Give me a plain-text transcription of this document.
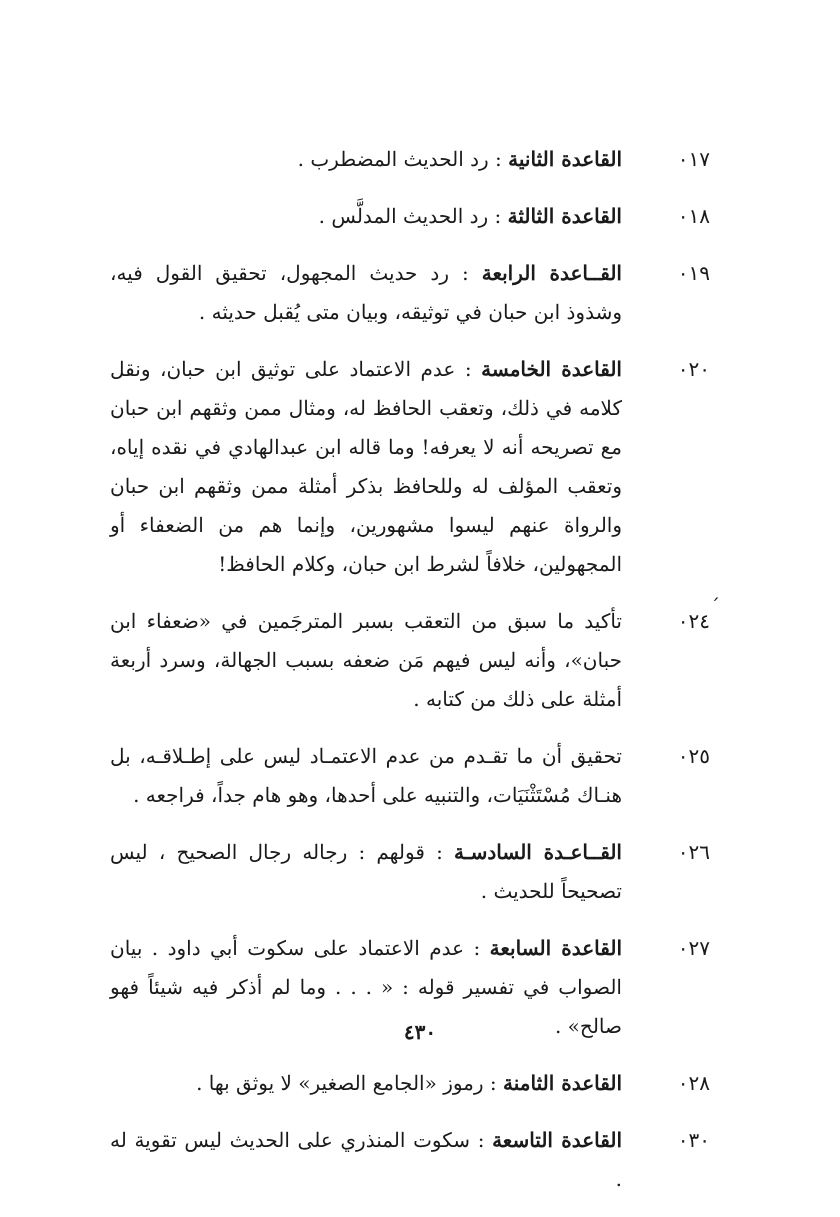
٠١٧
القاعدة الثانية : رد الحديث المضطرب .
٠١٨
القاعدة الثالثة : رد الحديث المدلَّس .
٠١٩
القــاعدة الرابعة : رد حديث المجهول، تحقيق القول فيه، وشذوذ ابن حبان في توثيقه، وبيان متى يُقبل حديثه .
٠٢٠
القاعدة الخامسة : عدم الاعتماد على توثيق ابن حبان، ونقل كلامه في ذلك، وتعقب الحافظ له، ومثال ممن وثقهم ابن حبان مع تصريحه أنه لا يعرفه! وما قاله ابن عبدالهادي في نقده إياه، وتعقب المؤلف له وللحافظ بذكر أمثلة ممن وثقهم ابن حبان والرواة عنهم ليسوا مشهورين، وإنما هم من الضعفاء أو المجهولين، خلافاً لشرط ابن حبان، وكلام الحافظ!
´
٠٢٤
تأكيد ما سبق من التعقب بسبر المترجَمين في «ضعفاء ابن حبان»، وأنه ليس فيهم مَن ضعفه بسبب الجهالة، وسرد أربعة أمثلة على ذلك من كتابه .
٠٢٥
تحقيق أن ما تقـدم من عدم الاعتمـاد ليس على إطـلاقـه، بل هنـاك مُسْتَثْنَيَات، والتنبيه على أحدها، وهو هام جداً، فراجعه .
٠٢٦
القــاعـدة السادسـة : قولهم : رجاله رجال الصحيح ، ليس تصحيحاً للحديث .
٠٢٧
القاعدة السابعة : عدم الاعتماد على سكوت أبي داود . بيان الصواب في تفسير قوله : « . . . وما لم أذكر فيه شيئاً فهو صالح» .
٠٢٨
القاعدة الثامنة : رموز «الجامع الصغير» لا يوثق بها .
٠٣٠
القاعدة التاسعة : سكوت المنذري على الحديث ليس تقوية له .
٤٣٠
